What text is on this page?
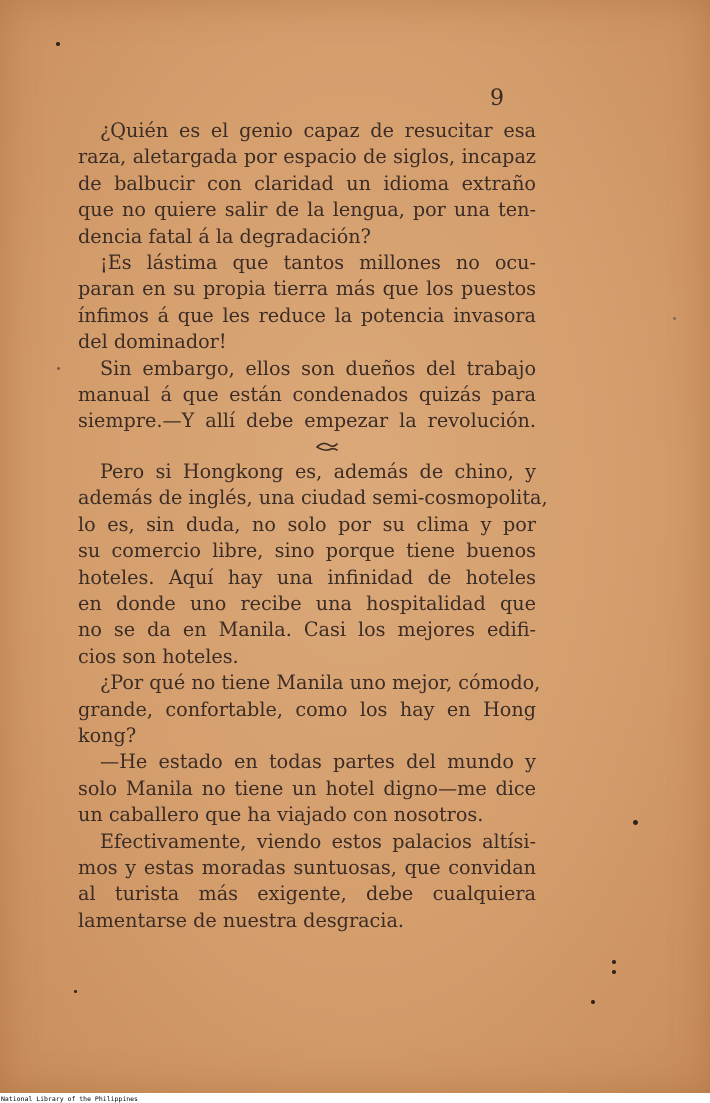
9

¿Quién es el genio capaz de resucitar esa
raza, aletargada por espacio de siglos, incapaz
de balbucir con claridad un idioma extraño
que no quiere salir de la lengua, por una ten-
dencia fatal á la degradación?

¡Es lástima que tantos millones no ocu-
paran en su propia tierra más que los puestos
ínfimos á que les reduce la potencia invasora
del dominador!

Sin embargo, ellos son dueños del trabajo
manual á que están condenados quizás para
siempre.—Y allí debe empezar la revolución.

Pero si Hongkong es, además de chino, y
además de inglés, una ciudad semi-cosmopolita,
lo es, sin duda, no solo por su clima y por
su comercio libre, sino porque tiene buenos
hoteles. Aquí hay una infinidad de hoteles
en donde uno recibe una hospitalidad que
no se da en Manila. Casi los mejores edifi-
cios son hoteles.

¿Por qué no tiene Manila uno mejor, cómodo,
grande, confortable, como los hay en Hong
kong?

—He estado en todas partes del mundo y
solo Manila no tiene un hotel digno—me dice
un caballero que ha viajado con nosotros.

Efectivamente, viendo estos palacios altísi-
mos y estas moradas suntuosas, que convidan
al turista más exigente, debe cualquiera
lamentarse de nuestra desgracia.

National Library of the Philippines
